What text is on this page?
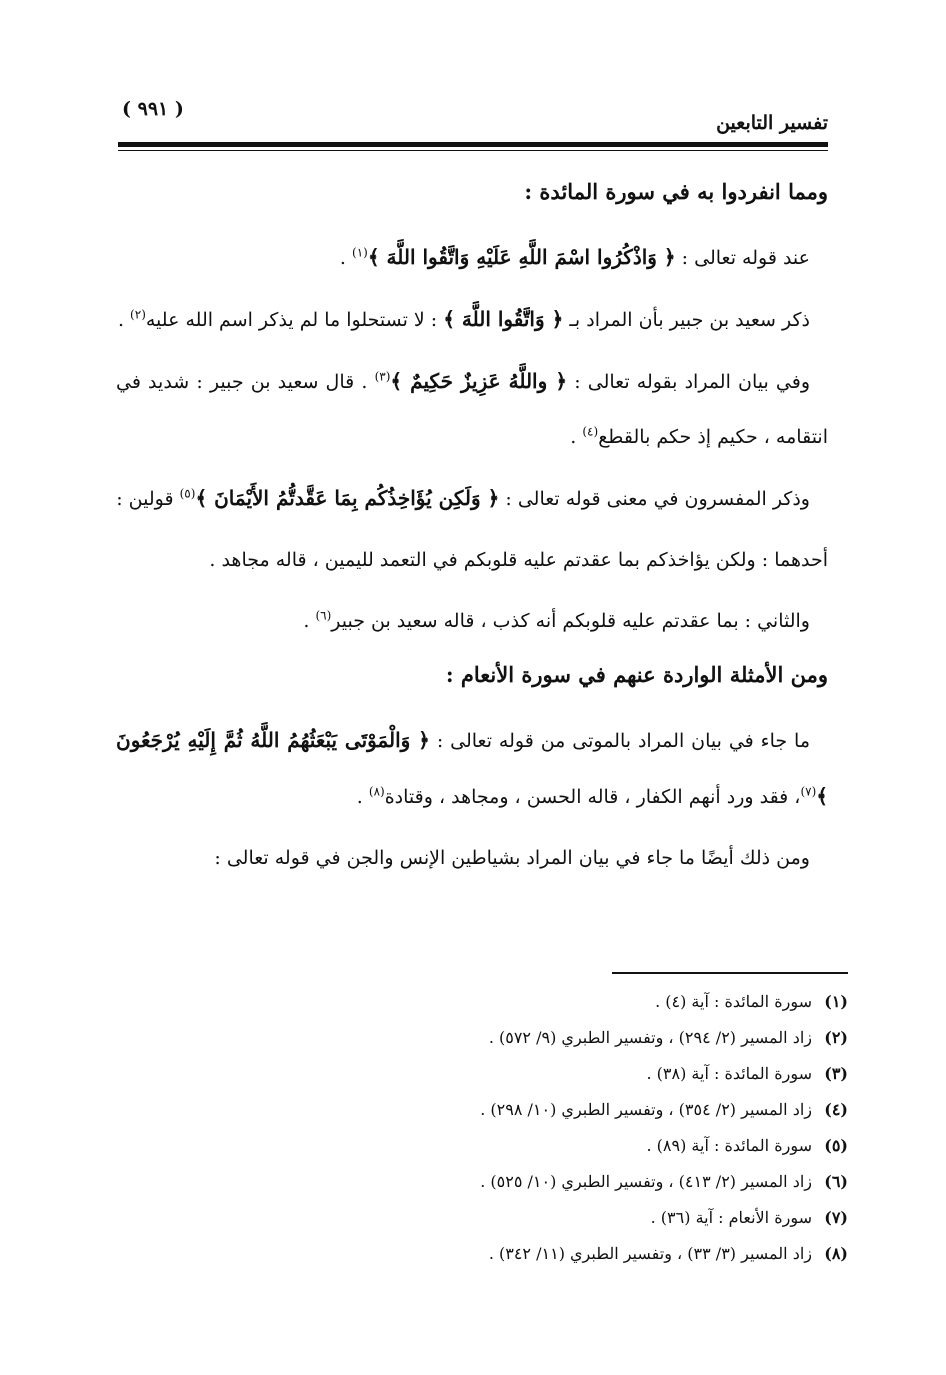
( ٩٩١ )
تفسير التابعين
ومما انفردوا به في سورة المائدة :

عند قوله تعالى : ﴿ وَاذْكُرُوا اسْمَ اللَّهِ عَلَيْهِ وَاتَّقُوا اللَّهَ ﴾$^{(١)}$ .

ذكر سعيد بن جبير بأن المراد بـ ﴿ وَاتَّقُوا اللَّهَ ﴾ : لا تستحلوا ما لم يذكر اسم الله عليه$^{(٢)}$ .

وفي بيان المراد بقوله تعالى : ﴿ واللَّهُ عَزِيزٌ حَكِيمٌ ﴾$^{(٣)}$ . قال سعيد بن جبير : شديد في انتقامه ، حكيم إذ حكم بالقطع$^{(٤)}$ .

وذكر المفسرون في معنى قوله تعالى : ﴿ وَلَكِن يُؤَاخِذُكُم بِمَا عَقَّدتُّمُ الأَيْمَانَ ﴾$^{(٥)}$ قولين :

أحدهما : ولكن يؤاخذكم بما عقدتم عليه قلوبكم في التعمد لليمين ، قاله مجاهد .

والثاني : بما عقدتم عليه قلوبكم أنه كذب ، قاله سعيد بن جبير$^{(٦)}$ .

ومن الأمثلة الواردة عنهم في سورة الأنعام :

ما جاء في بيان المراد بالموتى من قوله تعالى : ﴿ وَالْمَوْتَى يَبْعَثُهُمُ اللَّهُ ثُمَّ إِلَيْهِ يُرْجَعُونَ ﴾$^{(٧)}$، فقد ورد أنهم الكفار ، قاله الحسن ، ومجاهد ، وقتادة$^{(٨)}$ .

ومن ذلك أيضًا ما جاء في بيان المراد بشياطين الإنس والجن في قوله تعالى :

(١)سورة المائدة : آية (٤) .
(٢)زاد المسير (٢/ ٢٩٤) ، وتفسير الطبري (٩/ ٥٧٢) .
(٣)سورة المائدة : آية (٣٨) .
(٤)زاد المسير (٢/ ٣٥٤) ، وتفسير الطبري (١٠/ ٢٩٨) .
(٥)سورة المائدة : آية (٨٩) .
(٦)زاد المسير (٢/ ٤١٣) ، وتفسير الطبري (١٠/ ٥٢٥) .
(٧)سورة الأنعام : آية (٣٦) .
(٨)زاد المسير (٣/ ٣٣) ، وتفسير الطبري (١١/ ٣٤٢) .
